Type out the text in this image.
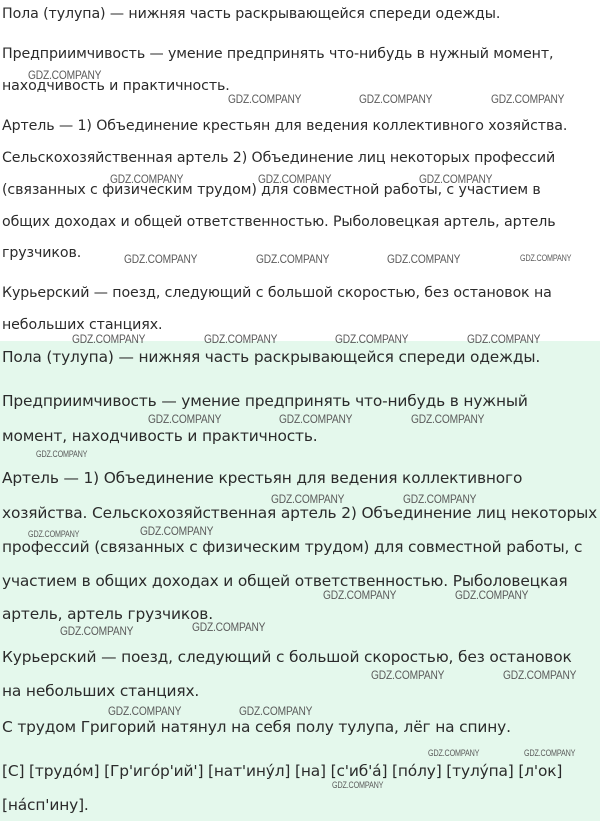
Пола (тулупа) — нижняя часть раскрывающейся спереди одежды.

Предприимчивость — умение предпринять что-нибудь в нужный момент,

находчивость и практичность.

Артель — 1) Объединение крестьян для ведения коллективного хозяйства.

Сельскохозяйственная артель 2) Объединение лиц некоторых профессий

(связанных с физическим трудом) для совместной работы, с участием в

общих доходах и общей ответственностью. Рыболовецкая артель, артель

грузчиков.

Курьерский — поезд, следующий с большой скоростью, без остановок на

небольших станциях.

Пола (тулупа) — нижняя часть раскрывающейся спереди одежды.

Предприимчивость — умение предпринять что-нибудь в нужный

момент, находчивость и практичность.

Артель — 1) Объединение крестьян для ведения коллективного

хозяйства. Сельскохозяйственная артель 2) Объединение лиц некоторых

профессий (связанных с физическим трудом) для совместной работы, с

участием в общих доходах и общей ответственностью. Рыболовецкая

артель, артель грузчиков.

Курьерский — поезд, следующий с большой скоростью, без остановок

на небольших станциях.

С трудом Григорий натянул на себя полу тулупа, лёг на спину.

[С] [трудо́м] [Гр'иго́р'ий'] [нат'ину́л] [на] [с'иб'а́] [по́лу] [тулу́па] [л'ок]

[на́сп'ину].

GDZ.COMPANY
GDZ.COMPANY	GDZ.COMPANY	GDZ.COMPANY
GDZ.COMPANY	GDZ.COMPANY	GDZ.COMPANY
GDZ.COMPANY	GDZ.COMPANY	GDZ.COMPANY	GDZ.COMPANY
GDZ.COMPANY	GDZ.COMPANY	GDZ.COMPANY	GDZ.COMPANY
GDZ.COMPANY	GDZ.COMPANY	GDZ.COMPANY
GDZ.COMPANY
GDZ.COMPANY	GDZ.COMPANY
GDZ.COMPANY	GDZ.COMPANY
GDZ.COMPANY	GDZ.COMPANY
GDZ.COMPANY	GDZ.COMPANY
GDZ.COMPANY	GDZ.COMPANY
GDZ.COMPANY	GDZ.COMPANY
GDZ.COMPANY	GDZ.COMPANY
GDZ.COMPANY
